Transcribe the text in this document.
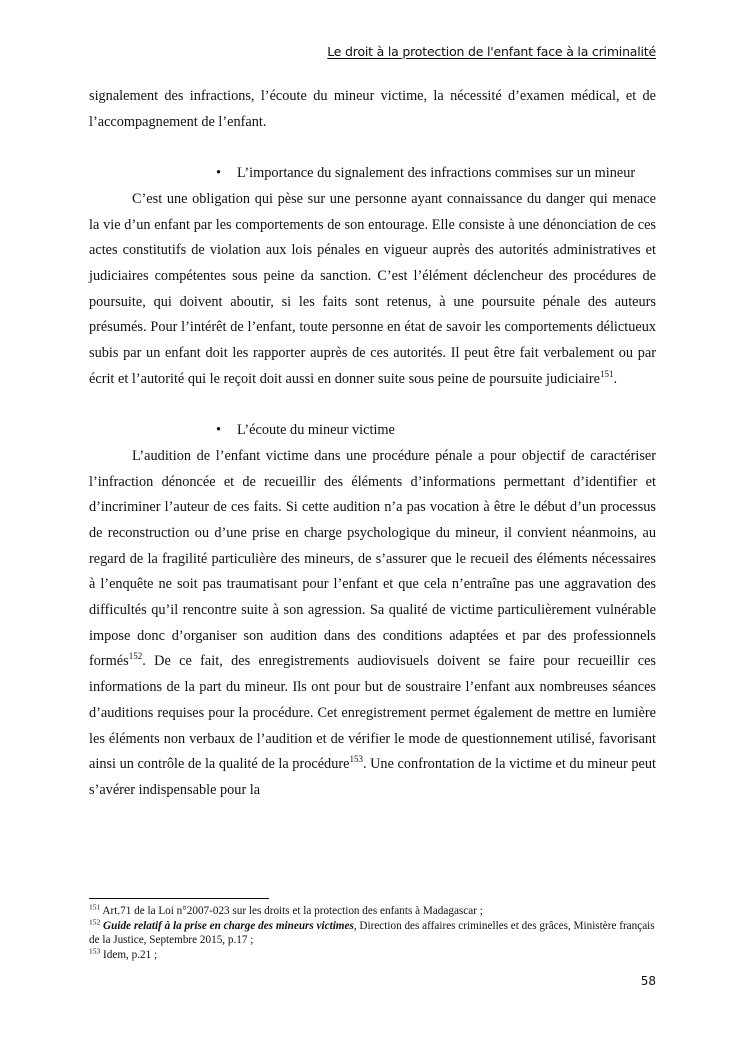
Le droit à la protection de l'enfant face à la criminalité

signalement des infractions, l’écoute du mineur victime, la nécessité d’examen médical, et de l’accompagnement de l’enfant.

• L’importance du signalement des infractions commises sur un mineur

C’est une obligation qui pèse sur une personne ayant connaissance du danger qui menace la vie d’un enfant par les comportements de son entourage. Elle consiste à une dénonciation de ces actes constitutifs de violation aux lois pénales en vigueur auprès des autorités administratives et judiciaires compétentes sous peine da sanction. C’est l’élément déclencheur des procédures de poursuite, qui doivent aboutir, si les faits sont retenus, à une poursuite pénale des auteurs présumés. Pour l’intérêt de l’enfant, toute personne en état de savoir les comportements délictueux subis par un enfant doit les rapporter auprès de ces autorités. Il peut être fait verbalement ou par écrit et l’autorité qui le reçoit doit aussi en donner suite sous peine de poursuite judiciaire$^{151}$.

• L’écoute du mineur victime

L’audition de l’enfant victime dans une procédure pénale a pour objectif de caractériser l’infraction dénoncée et de recueillir des éléments d’informations permettant d’identifier et d’incriminer l’auteur de ces faits. Si cette audition n’a pas vocation à être le début d’un processus de reconstruction ou d’une prise en charge psychologique du mineur, il convient néanmoins, au regard de la fragilité particulière des mineurs, de s’assurer que le recueil des éléments nécessaires à l’enquête ne soit pas traumatisant pour l’enfant et que cela n’entraîne pas une aggravation des difficultés qu’il rencontre suite à son agression. Sa qualité de victime particulièrement vulnérable impose donc d’organiser son audition dans des conditions adaptées et par des professionnels formés$^{152}$. De ce fait, des enregistrements audiovisuels doivent se faire pour recueillir ces informations de la part du mineur. Ils ont pour but de soustraire l’enfant aux nombreuses séances d’auditions requises pour la procédure. Cet enregistrement permet également de mettre en lumière les éléments non verbaux de l’audition et de vérifier le mode de questionnement utilisé, favorisant ainsi un contrôle de la qualité de la procédure$^{153}$. Une confrontation de la victime et du mineur peut s’avérer indispensable pour la

$^{151}$ Art.71 de la Loi n°2007-023 sur les droits et la protection des enfants à Madagascar ;

$^{152}$ Guide relatif à la prise en charge des mineurs victimes, Direction des affaires criminelles et des grâces, Ministère français de la Justice, Septembre 2015, p.17 ;

$^{153}$ Idem, p.21 ;

58
